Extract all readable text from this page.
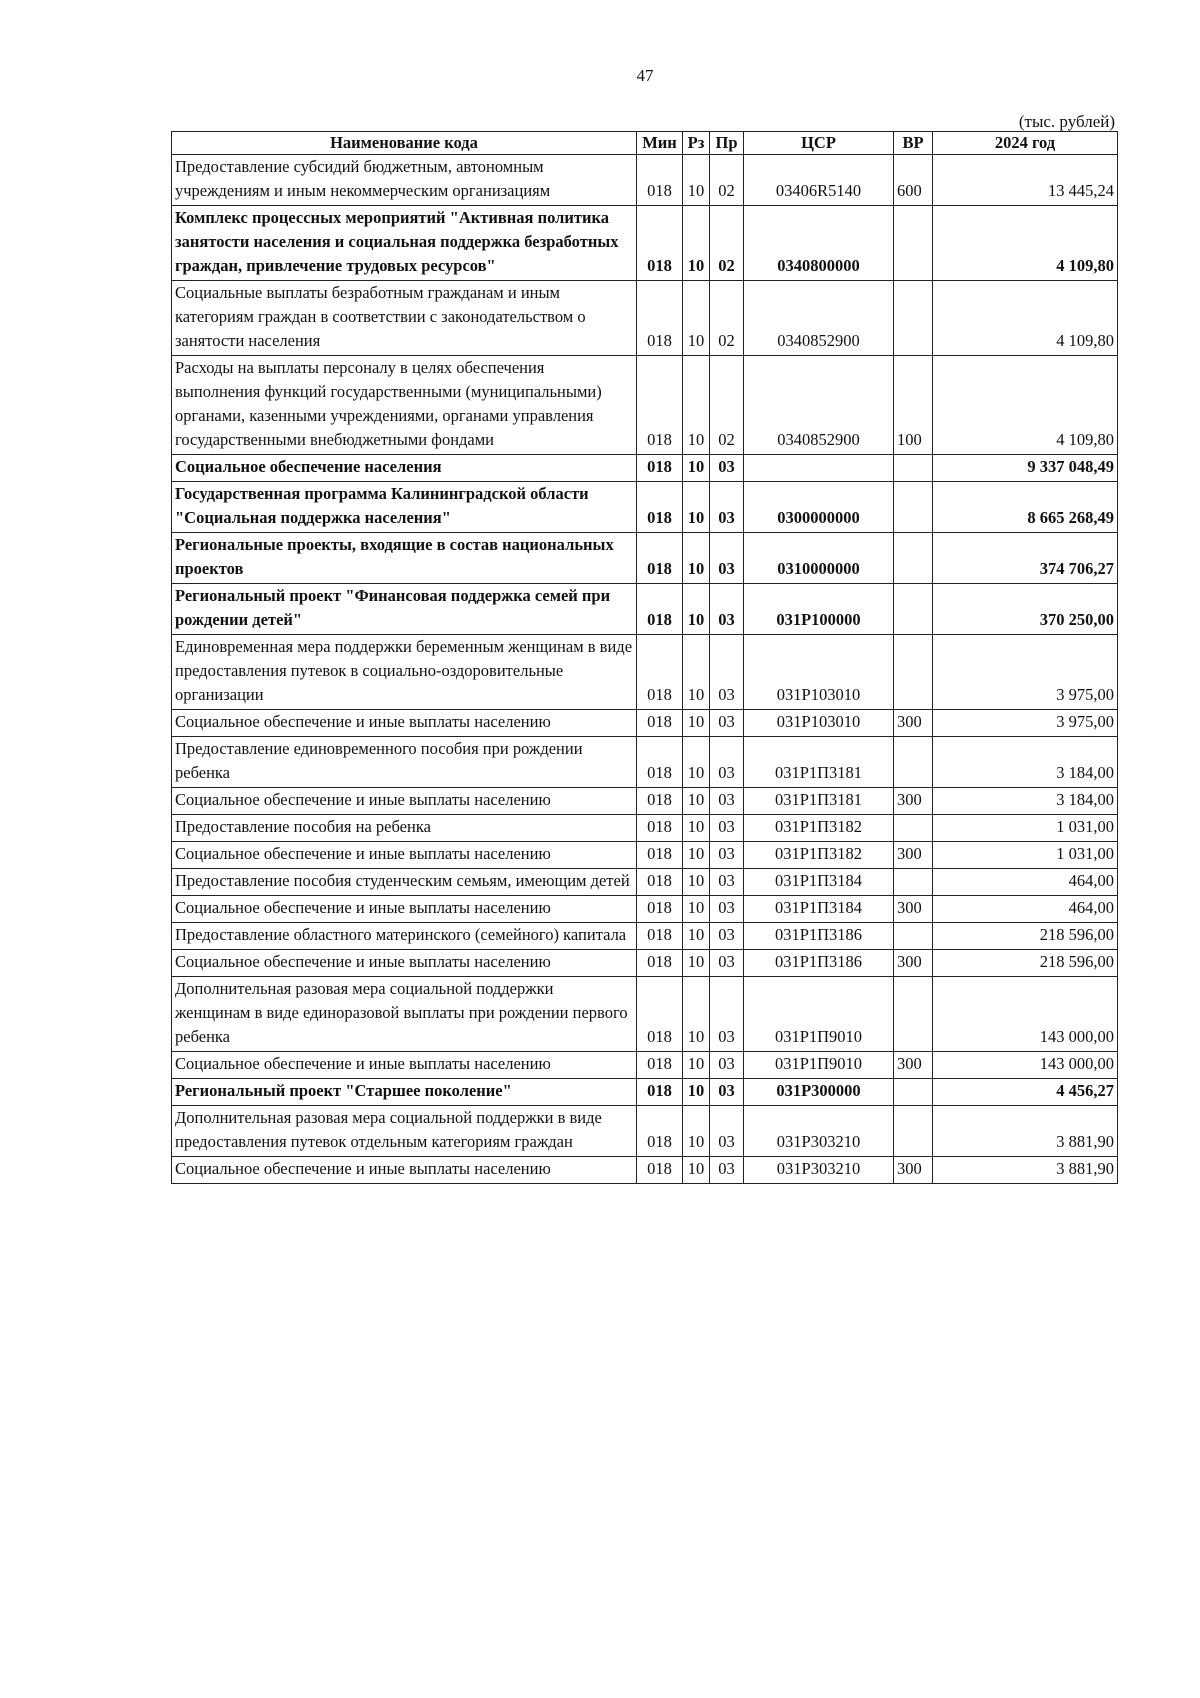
47
(тыс. рублей)
Наименование кода	Мин	Рз	Пр	ЦСР	ВР	2024 год
Предоставление субсидий бюджетным, автономным учреждениям и иным некоммерческим организациям	018	10	02	03406R5140	600	13 445,24
Комплекс процессных мероприятий "Активная политика занятости населения и социальная поддержка безработных граждан, привлечение трудовых ресурсов"	018	10	02	0340800000		4 109,80
Социальные выплаты безработным гражданам и иным категориям граждан в соответствии с законодательством о занятости населения	018	10	02	0340852900		4 109,80
Расходы на выплаты персоналу в целях обеспечения выполнения функций государственными (муниципальными) органами, казенными учреждениями, органами управления государственными внебюджетными фондами	018	10	02	0340852900	100	4 109,80
Социальное обеспечение населения	018	10	03			9 337 048,49
Государственная программа Калининградской области "Социальная поддержка населения"	018	10	03	0300000000		8 665 268,49
Региональные проекты, входящие в состав национальных проектов	018	10	03	0310000000		374 706,27
Региональный проект "Финансовая поддержка семей при рождении детей"	018	10	03	031P100000		370 250,00
Единовременная мера поддержки беременным женщинам в виде предоставления путевок в социально-оздоровительные организации	018	10	03	031P103010		3 975,00
Социальное обеспечение и иные выплаты населению	018	10	03	031P103010	300	3 975,00
Предоставление единовременного пособия при рождении ребенка	018	10	03	031P1П3181		3 184,00
Социальное обеспечение и иные выплаты населению	018	10	03	031P1П3181	300	3 184,00
Предоставление пособия на ребенка	018	10	03	031P1П3182		1 031,00
Социальное обеспечение и иные выплаты населению	018	10	03	031P1П3182	300	1 031,00
Предоставление пособия студенческим семьям, имеющим детей	018	10	03	031P1П3184		464,00
Социальное обеспечение и иные выплаты населению	018	10	03	031P1П3184	300	464,00
Предоставление областного материнского (семейного) капитала	018	10	03	031P1П3186		218 596,00
Социальное обеспечение и иные выплаты населению	018	10	03	031P1П3186	300	218 596,00
Дополнительная разовая мера социальной поддержки женщинам в виде единоразовой выплаты при рождении первого ребенка	018	10	03	031P1П9010		143 000,00
Социальное обеспечение и иные выплаты населению	018	10	03	031P1П9010	300	143 000,00
Региональный проект "Старшее поколение"	018	10	03	031P300000		4 456,27
Дополнительная разовая мера социальной поддержки в виде предоставления путевок отдельным категориям граждан	018	10	03	031P303210		3 881,90
Социальное обеспечение и иные выплаты населению	018	10	03	031P303210	300	3 881,90
